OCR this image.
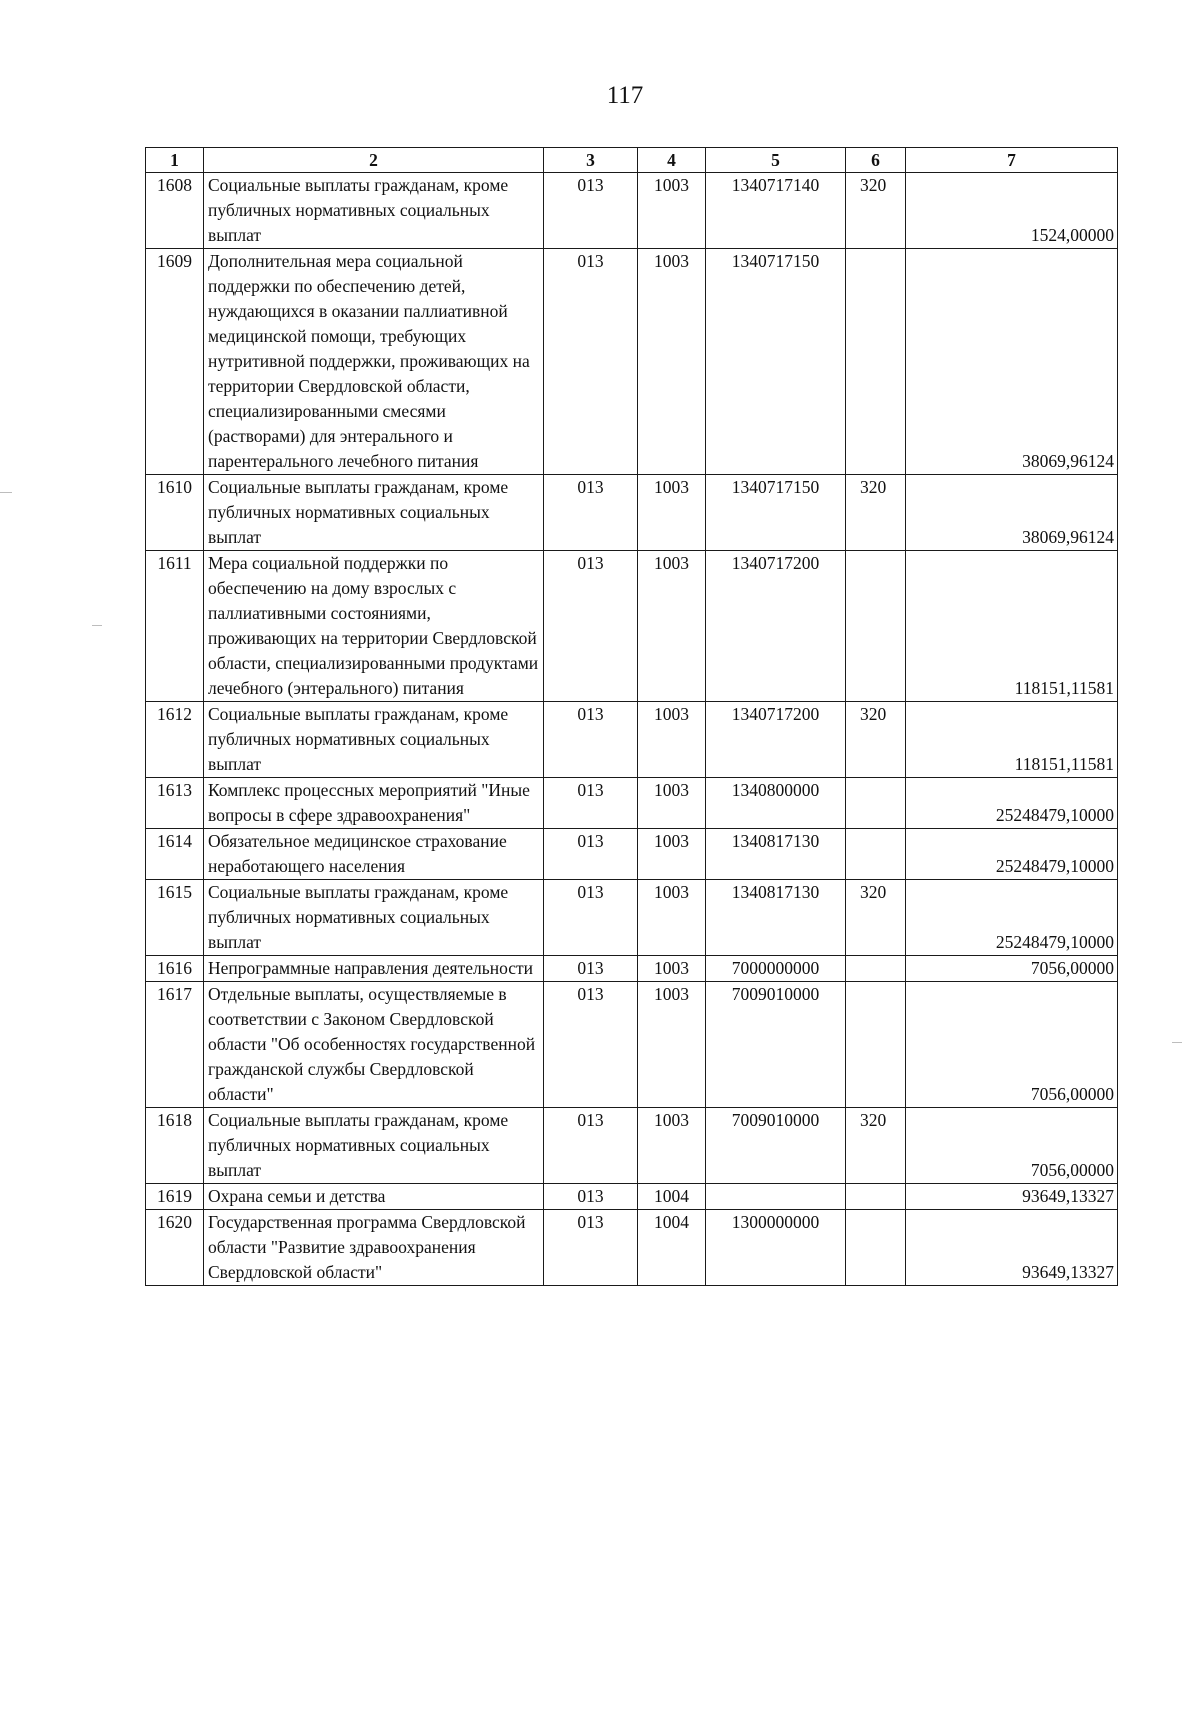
117
1	2	3	4	5	6	7
1608	Социальные выплаты гражданам, кроме публичных нормативных социальных выплат	013	1003	1340717140	320	1524,00000
1609	Дополнительная мера социальной поддержки по обеспечению детей, нуждающихся в оказании паллиативной медицинской помощи, требующих нутритивной поддержки, проживающих на территории Свердловской области, специализированными смесями (растворами) для энтерального и парентерального лечебного питания	013	1003	1340717150		38069,96124
1610	Социальные выплаты гражданам, кроме публичных нормативных социальных выплат	013	1003	1340717150	320	38069,96124
1611	Мера социальной поддержки по обеспечению на дому взрослых с паллиативными состояниями, проживающих на территории Свердловской области, специализированными продуктами лечебного (энтерального) питания	013	1003	1340717200		118151,11581
1612	Социальные выплаты гражданам, кроме публичных нормативных социальных выплат	013	1003	1340717200	320	118151,11581
1613	Комплекс процессных мероприятий "Иные вопросы в сфере здравоохранения"	013	1003	1340800000		25248479,10000
1614	Обязательное медицинское страхование неработающего населения	013	1003	1340817130		25248479,10000
1615	Социальные выплаты гражданам, кроме публичных нормативных социальных выплат	013	1003	1340817130	320	25248479,10000
1616	Непрограммные направления деятельности	013	1003	7000000000		7056,00000
1617	Отдельные выплаты, осуществляемые в соответствии с Законом Свердловской области "Об особенностях государственной гражданской службы Свердловской области"	013	1003	7009010000		7056,00000
1618	Социальные выплаты гражданам, кроме публичных нормативных социальных выплат	013	1003	7009010000	320	7056,00000
1619	Охрана семьи и детства	013	1004			93649,13327
1620	Государственная программа Свердловской области "Развитие здравоохранения Свердловской области"	013	1004	1300000000		93649,13327
